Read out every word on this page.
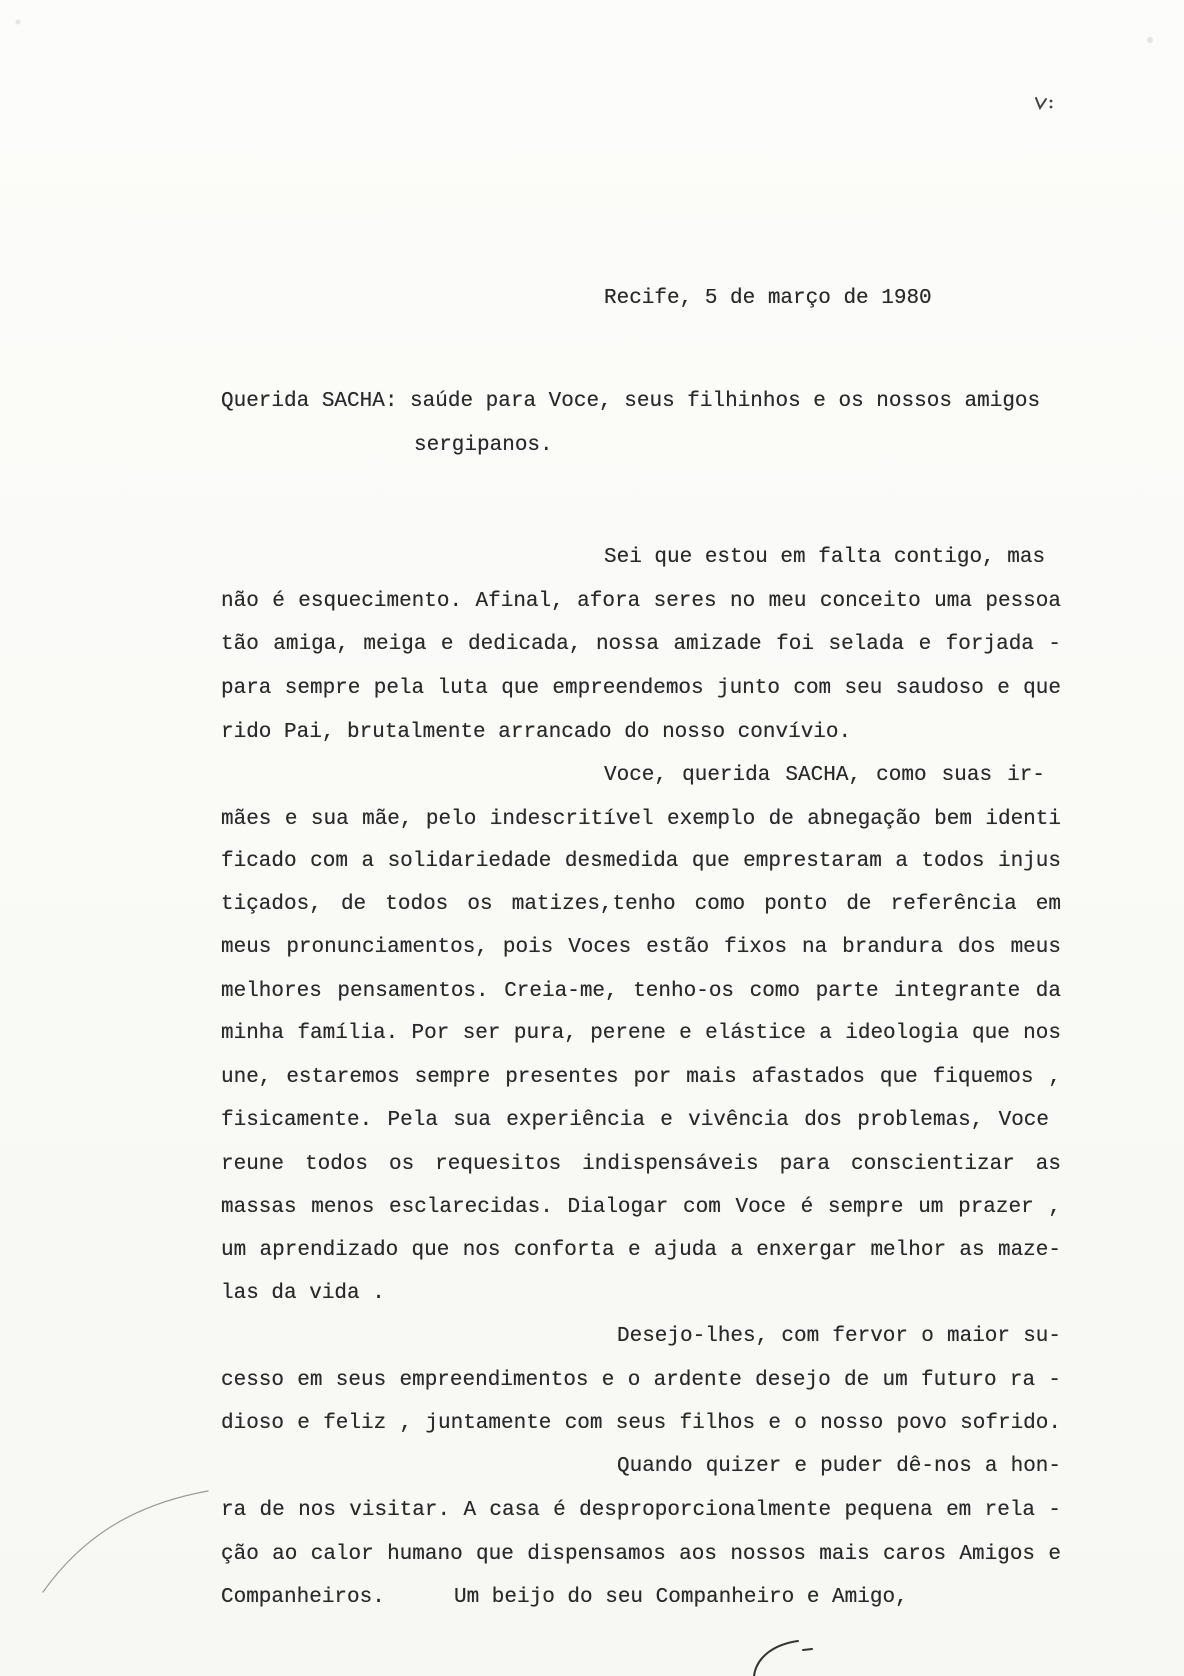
Recife, 5 de março de 1980
Querida SACHA: saúde para Voce, seus filhinhos e os nossos amigos
sergipanos.
Sei que estou em falta contigo, mas
não é esquecimento. Afinal, afora seres no meu conceito uma pessoa
tão amiga, meiga e dedicada, nossa amizade foi selada e forjada -
para sempre pela luta que empreendemos junto com seu saudoso e que
rido Pai, brutalmente arrancado do nosso convívio.
Voce, querida SACHA, como suas ir-
mães e sua mãe, pelo indescritível exemplo de abnegação bem identi
ficado com a solidariedade desmedida que emprestaram a todos injus
tiçados, de todos os matizes,tenho como ponto de referência em
meus pronunciamentos, pois Voces estão fixos na brandura dos meus
melhores pensamentos. Creia-me, tenho-os como parte integrante da
minha família. Por ser pura, perene e elástice a ideologia que nos
une, estaremos sempre presentes por mais afastados que fiquemos ,
fisicamente. Pela sua experiência e vivência dos problemas, Voce
reune todos os requesitos indispensáveis para conscientizar as
massas menos esclarecidas. Dialogar com Voce é sempre um prazer ,
um aprendizado que nos conforta e ajuda a enxergar melhor as maze-
las da vida .
Desejo-lhes, com fervor o maior su-
cesso em seus empreendimentos e o ardente desejo de um futuro ra -
dioso e feliz , juntamente com seus filhos e o nosso povo sofrido.
Quando quizer e puder dê-nos a hon-
ra de nos visitar. A casa é desproporcionalmente pequena em rela -
ção ao calor humano que dispensamos aos nossos mais caros Amigos e
Companheiros.	Um beijo do seu Companheiro e Amigo,
